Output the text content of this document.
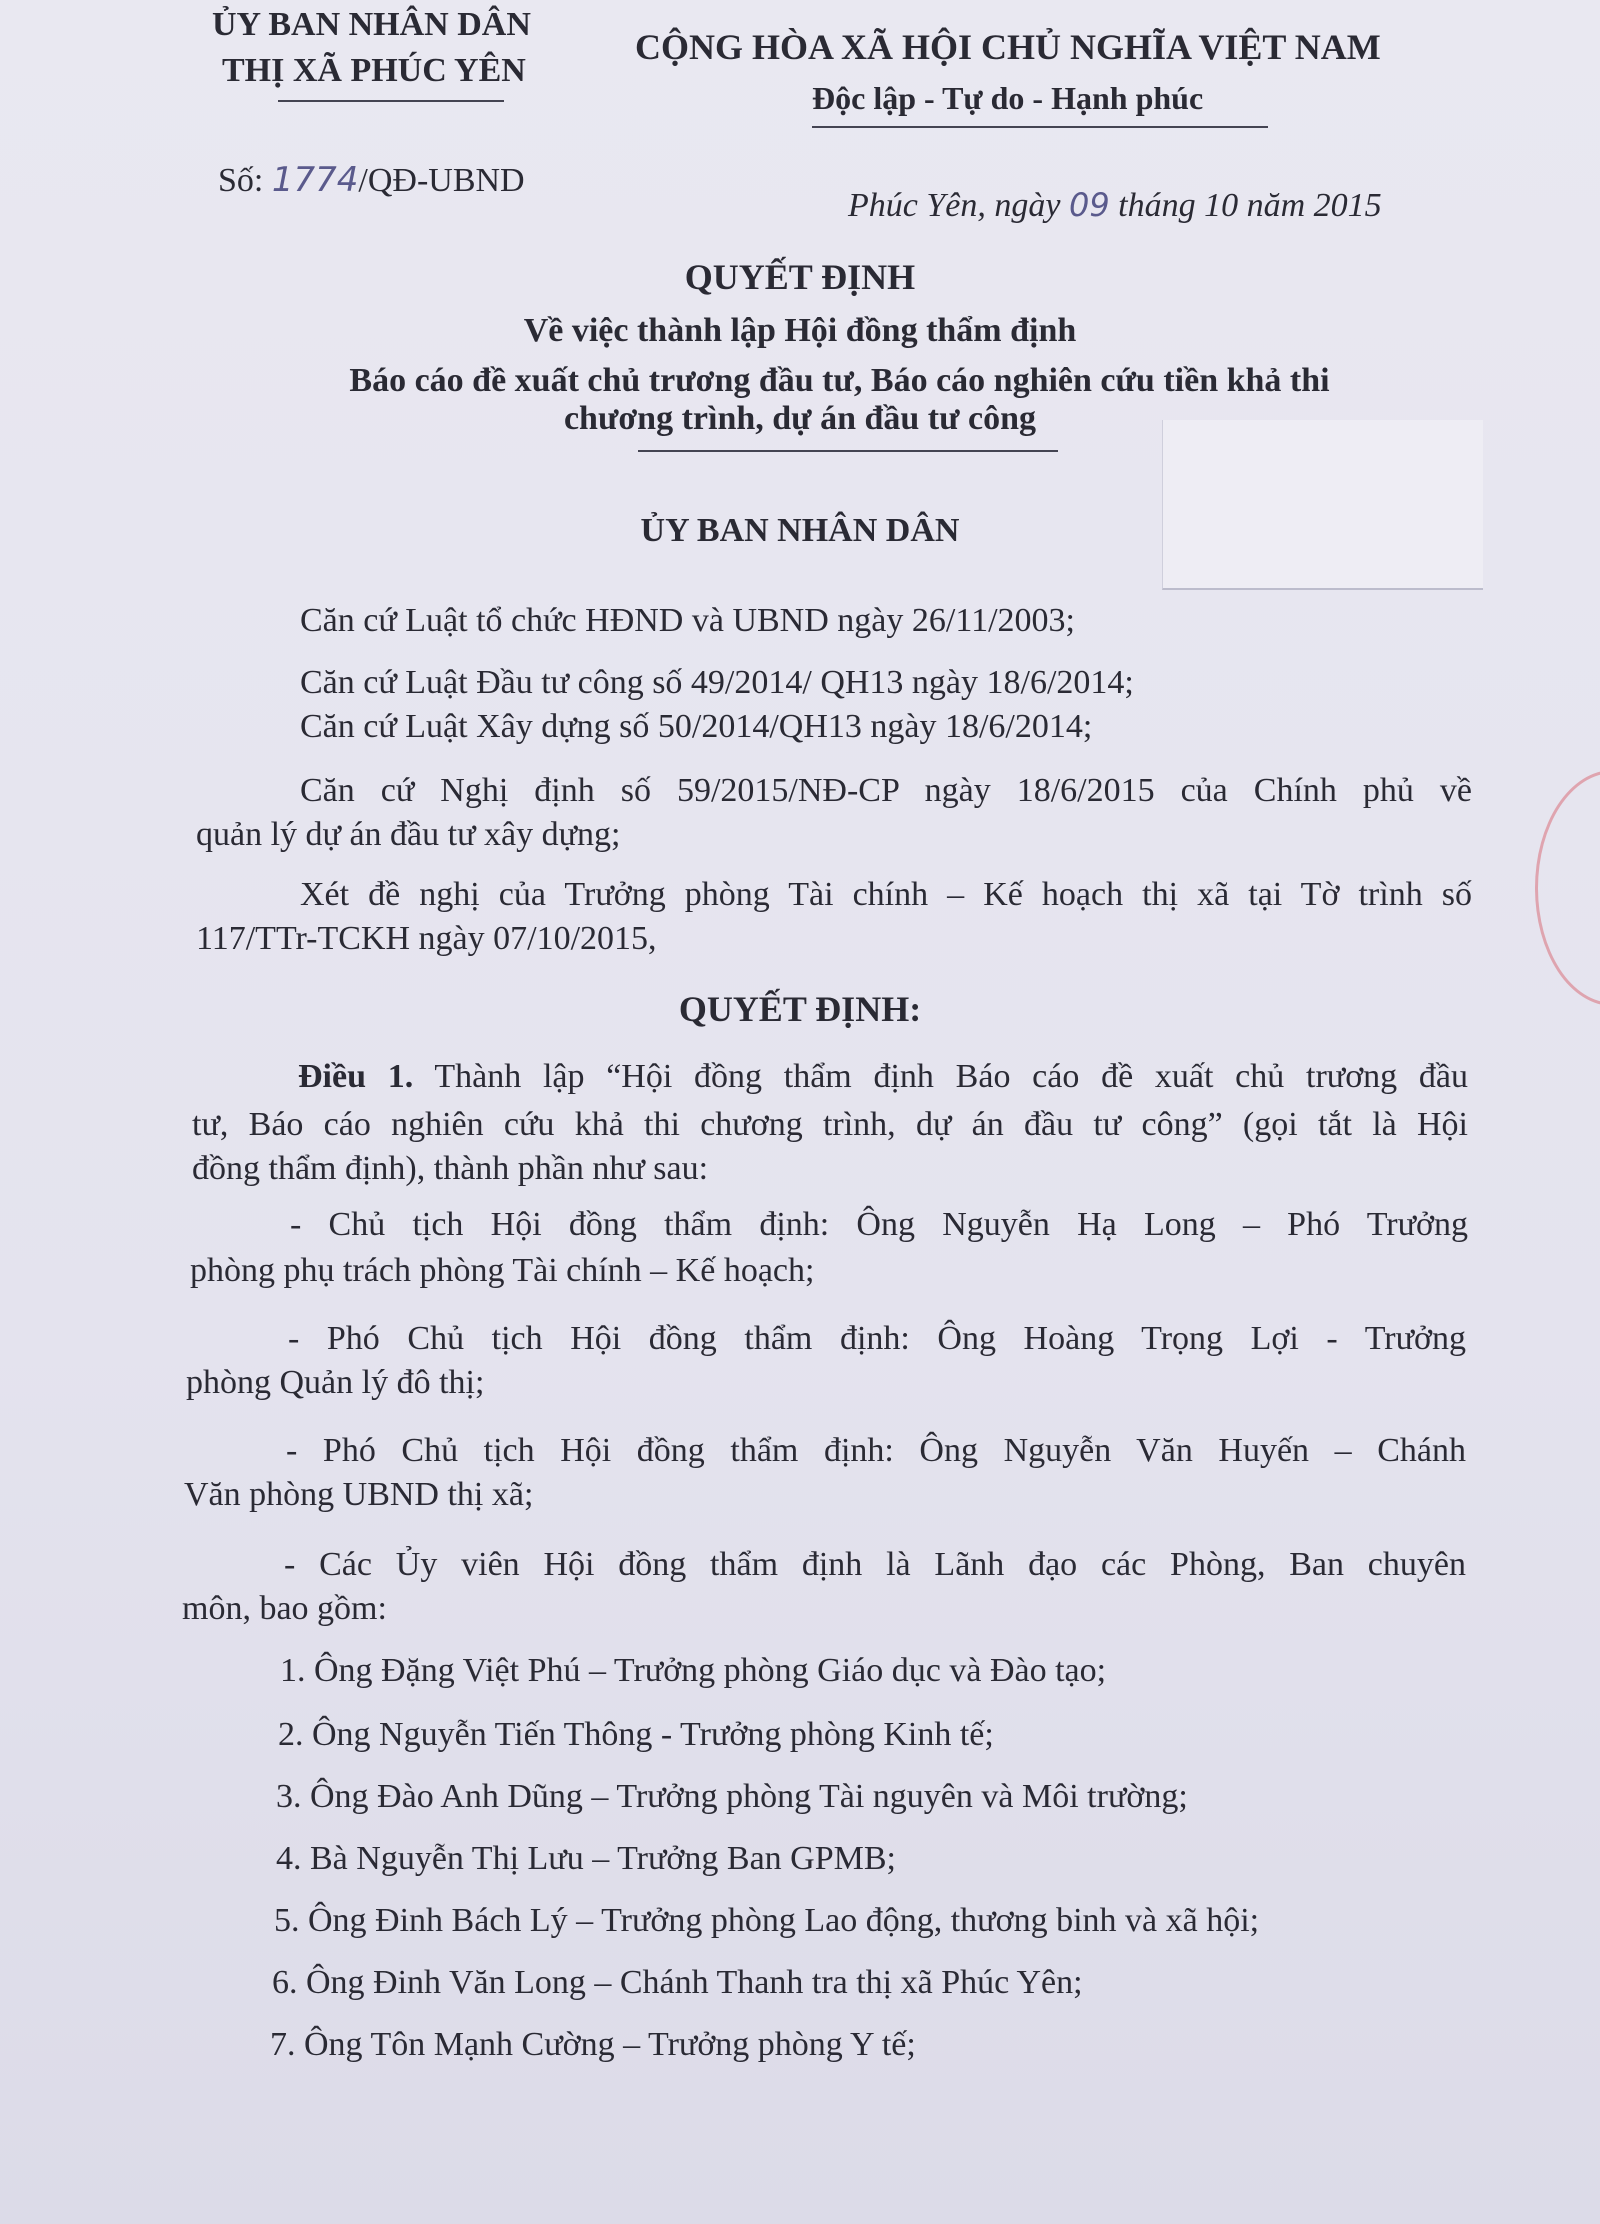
ỦY BAN NHÂN DÂN
THỊ XÃ PHÚC YÊN
CỘNG HÒA XÃ HỘI CHỦ NGHĨA VIỆT NAM
Độc lập - Tự do - Hạnh phúc
Số: 1774/QĐ-UBND
Phúc Yên, ngày 09 tháng 10 năm 2015
QUYẾT ĐỊNH
Về việc thành lập Hội đồng thẩm định
Báo cáo đề xuất chủ trương đầu tư, Báo cáo nghiên cứu tiền khả thi
chương trình, dự án đầu tư công
ỦY BAN NHÂN DÂN
Căn cứ Luật tổ chức HĐND và UBND ngày 26/11/2003;
Căn cứ Luật Đầu tư công số 49/2014/ QH13 ngày 18/6/2014;
Căn cứ Luật Xây dựng số 50/2014/QH13 ngày 18/6/2014;
Căn cứ Nghị định số 59/2015/NĐ-CP ngày 18/6/2015 của Chính phủ về
quản lý dự án đầu tư xây dựng;
Xét đề nghị của Trưởng phòng Tài chính – Kế hoạch thị xã tại Tờ trình số
117/TTr-TCKH ngày 07/10/2015,
QUYẾT ĐỊNH:
Điều 1. Thành lập “Hội đồng thẩm định Báo cáo đề xuất chủ trương đầu
tư, Báo cáo nghiên cứu khả thi chương trình, dự án đầu tư công” (gọi tắt là Hội
đồng thẩm định), thành phần như sau:
- Chủ tịch Hội đồng thẩm định: Ông Nguyễn Hạ Long – Phó Trưởng
phòng phụ trách phòng Tài chính – Kế hoạch;
- Phó Chủ tịch Hội đồng thẩm định: Ông Hoàng Trọng Lợi - Trưởng
phòng Quản lý đô thị;
- Phó Chủ tịch Hội đồng thẩm định: Ông Nguyễn Văn Huyến – Chánh
Văn phòng UBND thị xã;
- Các Ủy viên Hội đồng thẩm định là Lãnh đạo các Phòng, Ban chuyên
môn, bao gồm:
1. Ông Đặng Việt Phú – Trưởng phòng Giáo dục và Đào tạo;
2. Ông Nguyễn Tiến Thông - Trưởng phòng Kinh tế;
3. Ông Đào Anh Dũng – Trưởng phòng Tài nguyên và Môi trường;
4. Bà Nguyễn Thị Lưu – Trưởng Ban GPMB;
5. Ông Đinh Bách Lý – Trưởng phòng Lao động, thương binh và xã hội;
6. Ông Đinh Văn Long – Chánh Thanh tra thị xã Phúc Yên;
7. Ông Tôn Mạnh Cường – Trưởng phòng Y tế;
